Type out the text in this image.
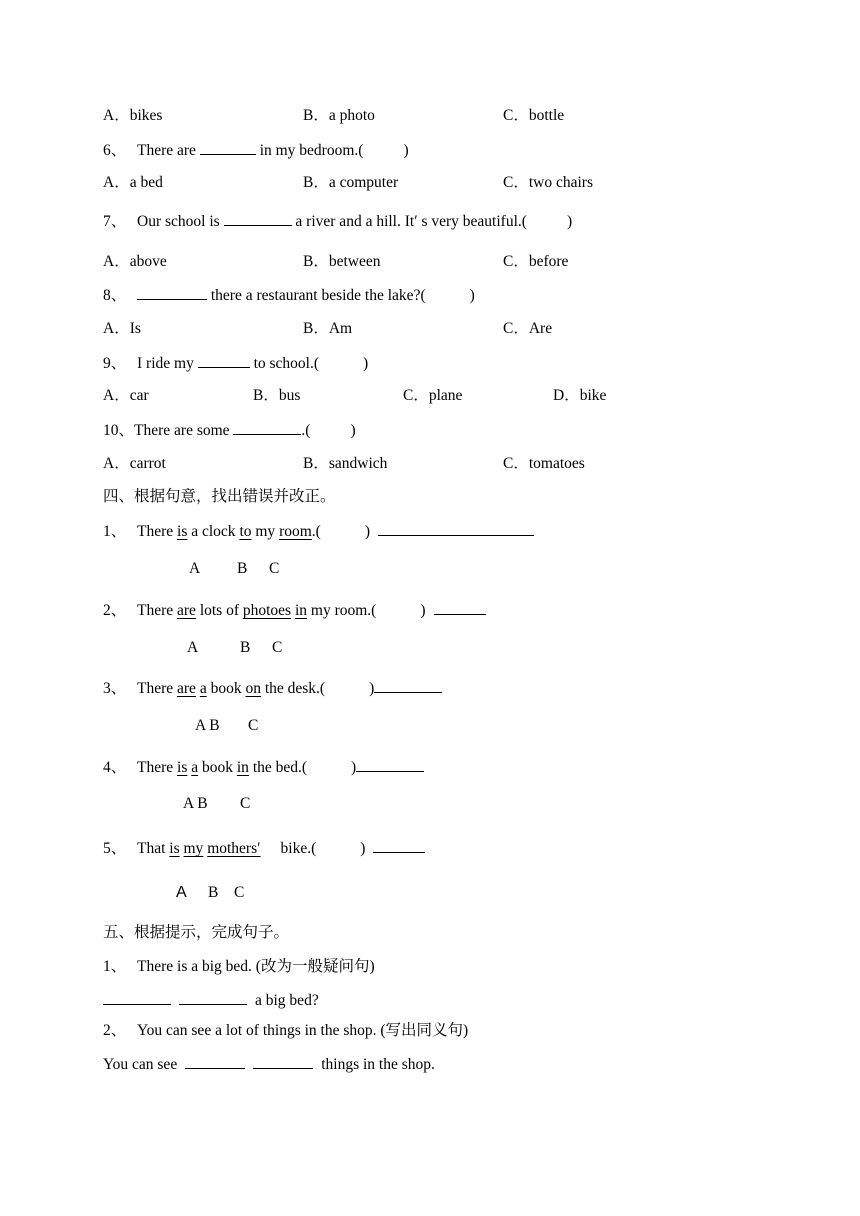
A．bikes	B．a photo	C．bottle
6、 There are	in my bedroom.(	)
A．a bed	B．a computer	C．two chairs
7、 Our school is	a river and a hill. It′ s very beautiful.(	)
A．above	B．between	C．before
8、	there a restaurant beside the lake?(	)
A．Is	B．Am	C．Are
9、 I ride my	to school.(	)
A．car	B．bus	C．plane	D．bike
10、There are some	.(	)
A．carrot	B．sandwich	C．tomatoes
四、根据句意，找出错误并改正。
1、 There is a clock to my room.(	)
A B C
2、 There are lots of photoes in my room.(	)
A	B C
3、 There are a book on the desk.(	)
A B C
4、 There is a book in the bed.(	)
A B C
5、 That is my mothers′ bike.(	)
A B C
五、根据提示，完成句子。
1、 There is a big bed. (改为一般疑问句)
a big bed?
2、 You can see a lot of things in the shop. (写出同义句)
You can see	things in the shop.
